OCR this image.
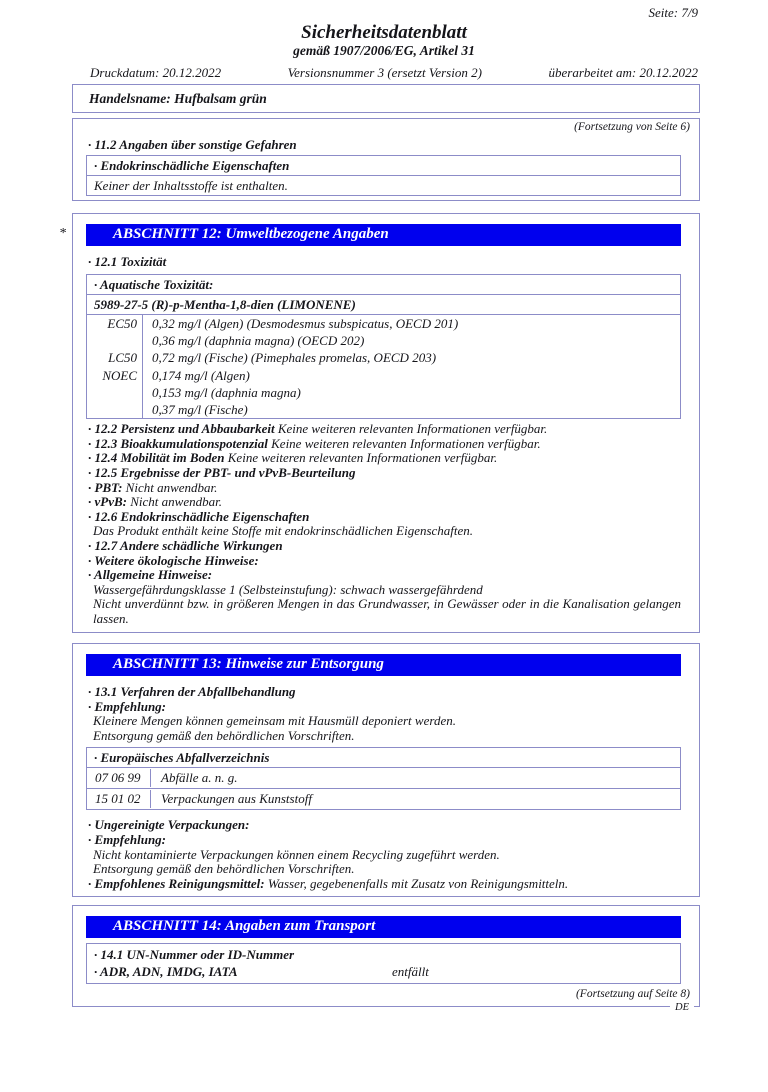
Seite: 7/9
Sicherheitsdatenblatt
gemäß 1907/2006/EG, Artikel 31
Druckdatum: 20.12.2022	Versionsnummer 3 (ersetzt Version 2)	überarbeitet am: 20.12.2022
Handelsname: Hufbalsam grün
(Fortsetzung von Seite 6)
· 11.2 Angaben über sonstige Gefahren
· Endokrinschädliche Eigenschaften
Keiner der Inhaltsstoffe ist enthalten.
*	ABSCHNITT 12: Umweltbezogene Angaben
· 12.1 Toxizität
· Aquatische Toxizität:
5989-27-5 (R)-p-Mentha-1,8-dien (LIMONENE)
EC50	0,32 mg/l (Algen) (Desmodesmus subspicatus, OECD 201)
0,36 mg/l (daphnia magna) (OECD 202)
LC50	0,72 mg/l (Fische) (Pimephales promelas, OECD 203)
NOEC	0,174 mg/l (Algen)
0,153 mg/l (daphnia magna)
0,37 mg/l (Fische)
· 12.2 Persistenz und Abbaubarkeit Keine weiteren relevanten Informationen verfügbar.
· 12.3 Bioakkumulationspotenzial Keine weiteren relevanten Informationen verfügbar.
· 12.4 Mobilität im Boden Keine weiteren relevanten Informationen verfügbar.
· 12.5 Ergebnisse der PBT- und vPvB-Beurteilung
· PBT: Nicht anwendbar.
· vPvB: Nicht anwendbar.
· 12.6 Endokrinschädliche Eigenschaften
Das Produkt enthält keine Stoffe mit endokrinschädlichen Eigenschaften.
· 12.7 Andere schädliche Wirkungen
· Weitere ökologische Hinweise:
· Allgemeine Hinweise:
Wassergefährdungsklasse 1 (Selbsteinstufung): schwach wassergefährdend
Nicht unverdünnt bzw. in größeren Mengen in das Grundwasser, in Gewässer oder in die Kanalisation gelangen lassen.
ABSCHNITT 13: Hinweise zur Entsorgung
· 13.1 Verfahren der Abfallbehandlung
· Empfehlung:
Kleinere Mengen können gemeinsam mit Hausmüll deponiert werden.
Entsorgung gemäß den behördlichen Vorschriften.
· Europäisches Abfallverzeichnis
07 06 99	Abfälle a. n. g.
15 01 02	Verpackungen aus Kunststoff
· Ungereinigte Verpackungen:
· Empfehlung:
Nicht kontaminierte Verpackungen können einem Recycling zugeführt werden.
Entsorgung gemäß den behördlichen Vorschriften.
· Empfohlenes Reinigungsmittel: Wasser, gegebenenfalls mit Zusatz von Reinigungsmitteln.
ABSCHNITT 14: Angaben zum Transport
· 14.1 UN-Nummer oder ID-Nummer
· ADR, ADN, IMDG, IATA	entfällt
(Fortsetzung auf Seite 8)
DE
